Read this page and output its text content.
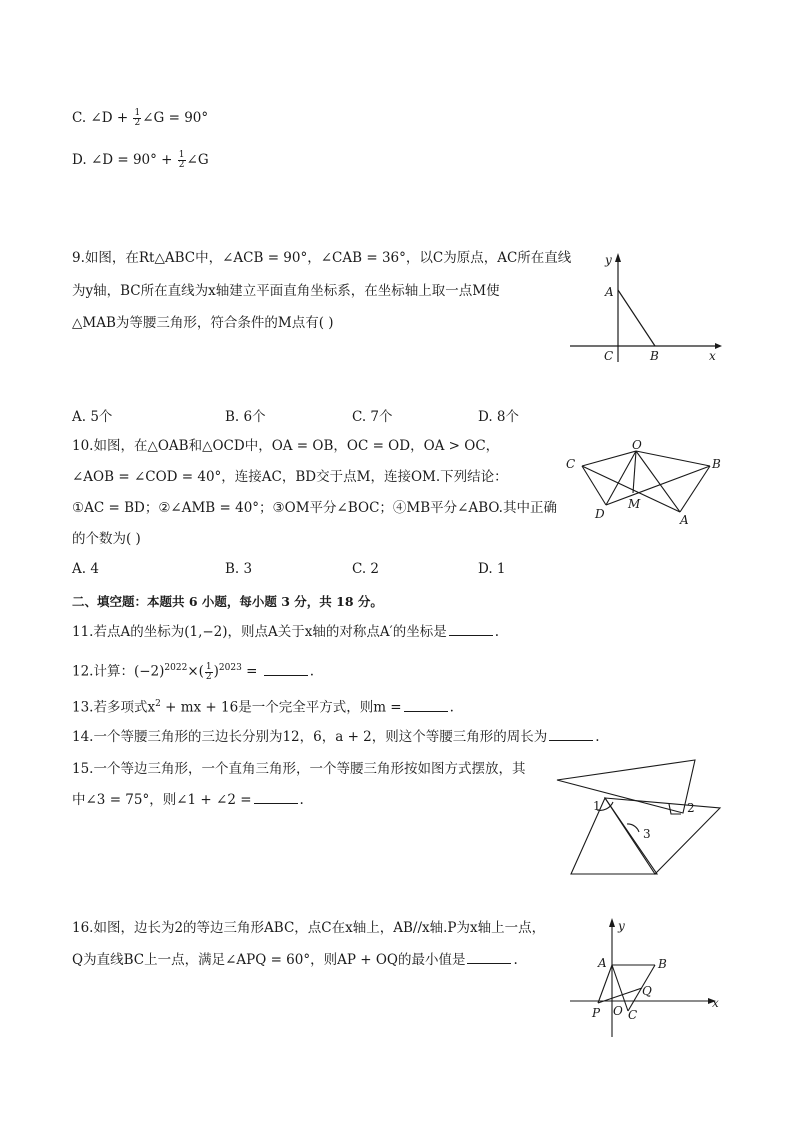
C. ∠D + $\frac{1}{2}$ ∠G = 90°
D. ∠D = $90^\circ + \frac{1}{2}$ ∠G
9.如图，在Rt△ABC中，∠ACB = 90°，∠CAB = 36°，以C为原点，AC所在直线
为y轴，BC所在直线为x轴建立平面直角坐标系，在坐标轴上取一点M使
△MAB为等腰三角形，符合条件的M点有( )
y
x
A
B
C
A. 5个	B. 6个	C. 7个	D. 8个
10.如图，在△OAB和△OCD中，OA = OB，OC = OD，OA > OC，
∠AOB = ∠COD = 40°，连接AC，BD交于点M，连接OM.下列结论：
①AC = BD；②∠AMB = 40°；③OM平分∠BOC；④MB平分∠ABO.其中正确
的个数为( )
O
C	B
D
M
A
A. 4	B. 3	C. 2	D. 1
二、填空题：本题共 6 小题，每小题 3 分，共 18 分。
11.若点A的坐标为(1,−2)，则点A关于x轴的对称点A′的坐标是	.
12.计算：$(-2)^{2022}\times( \frac{1}{2} )^{2023}$ =	.
13.若多项式$x^2$ + mx + 16是一个完全平方式，则m =	.
14.一个等腰三角形的三边长分别为12，6，a + 2，则这个等腰三角形的周长为	.
15.一个等边三角形，一个直角三角形，一个等腰三角形按如图方式摆放，其
中∠3 = 75°，则∠1 + ∠2 =	.	1	2
3
16.如图，边长为2的等边三角形ABC，点C在x轴上，AB//x轴.P为x轴上一点，
Q为直线BC上一点，满足∠APQ = 60°，则AP + OQ的最小值是	.
y
x
A	B
Q
P O C
